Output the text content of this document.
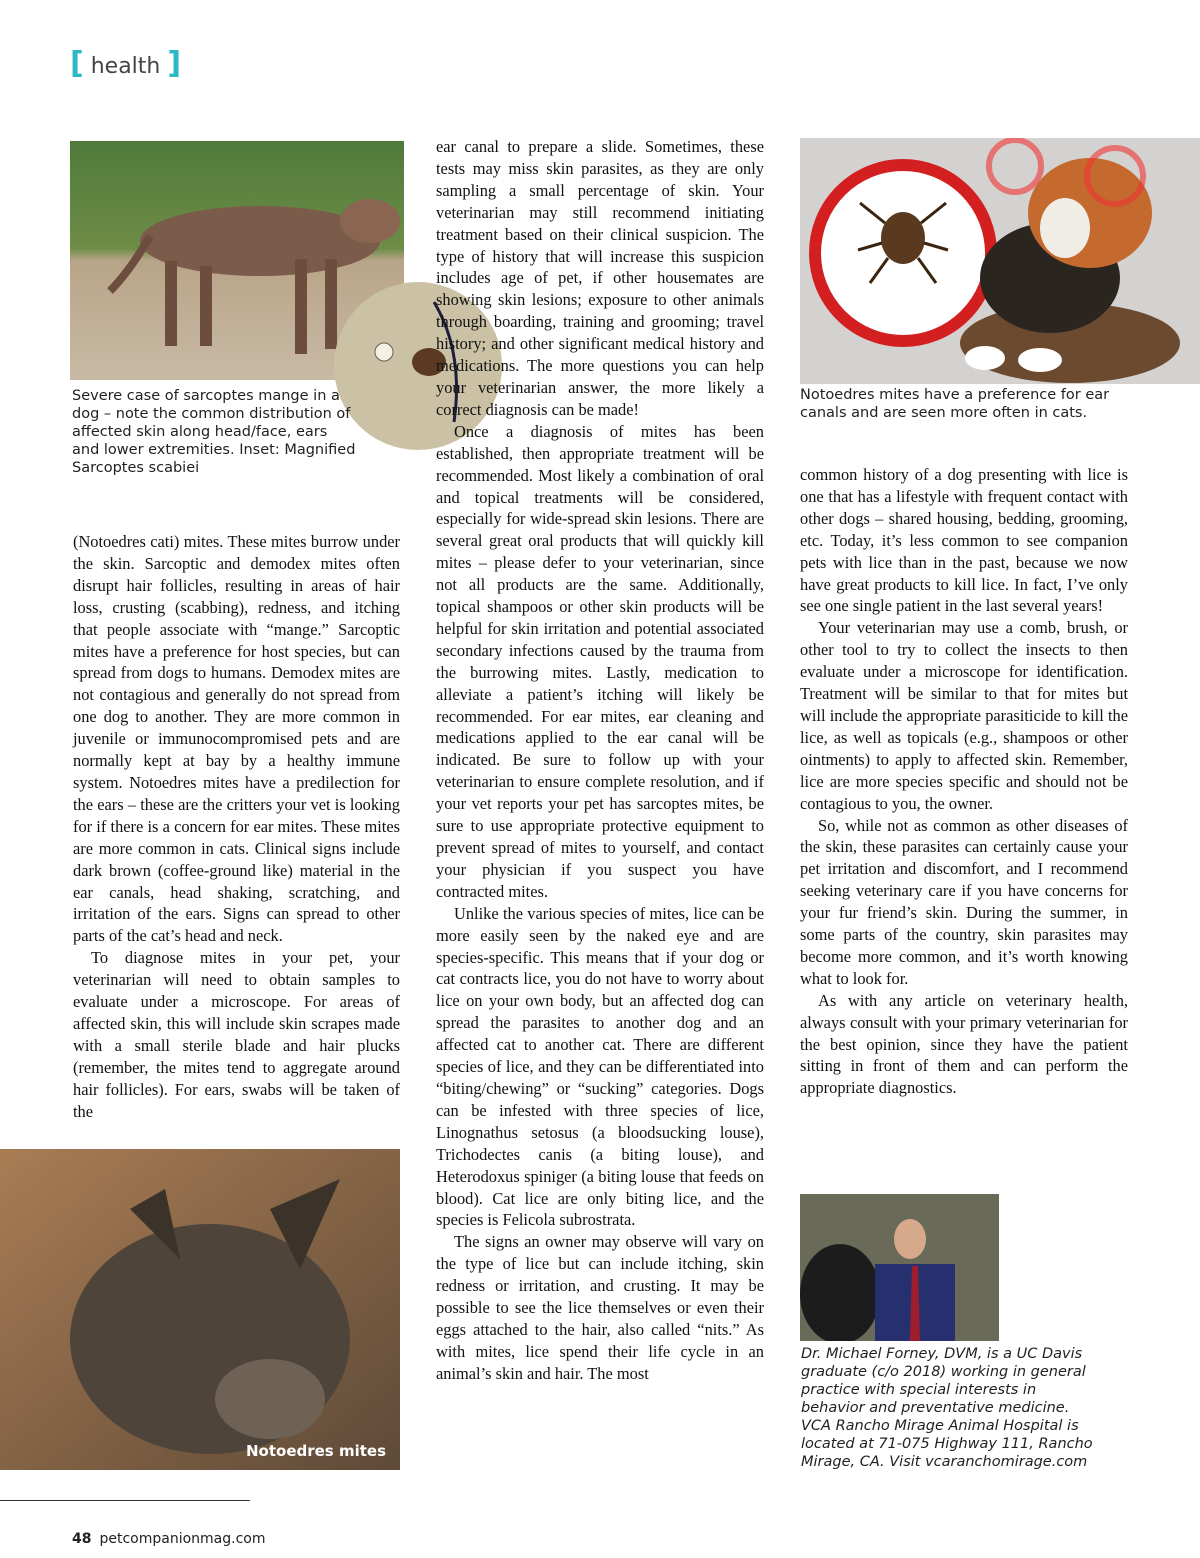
[ health ]
Severe case of sarcoptes mange in a dog – note the common distribution of affected skin along head/face, ears and lower extremities. Inset: Magnified Sarcoptes scabiei
Notoedres mites have a preference for ear canals and are seen more often in cats.

(Notoedres cati) mites. These mites burrow under the skin. Sarcoptic and demodex mites often disrupt hair follicles, resulting in areas of hair loss, crusting (scabbing), redness, and itching that people associate with “mange.” Sarcoptic mites have a preference for host species, but can spread from dogs to humans. Demodex mites are not contagious and generally do not spread from one dog to another. They are more common in juvenile or immunocompromised pets and are normally kept at bay by a healthy immune system. Notoedres mites have a predilection for the ears – these are the critters your vet is looking for if there is a concern for ear mites. These mites are more common in cats. Clinical signs include dark brown (coffee-ground like) material in the ear canals, head shaking, scratching, and irritation of the ears. Signs can spread to other parts of the cat’s head and neck.

To diagnose mites in your pet, your veterinarian will need to obtain samples to evaluate under a microscope. For areas of affected skin, this will include skin scrapes made with a small sterile blade and hair plucks (remember, the mites tend to aggregate around hair follicles). For ears, swabs will be taken of the

ear canal to prepare a slide. Sometimes, these tests may miss skin parasites, as they are only sampling a small percentage of skin. Your veterinarian may still recommend initiating treatment based on their clinical suspicion. The type of history that will increase this suspicion includes age of pet, if other housemates are showing skin lesions; exposure to other animals through boarding, training and grooming; travel history; and other significant medical history and medications. The more questions you can help your veterinarian answer, the more likely a correct diagnosis can be made!

Once a diagnosis of mites has been established, then appropriate treatment will be recommended. Most likely a combination of oral and topical treatments will be considered, especially for wide-spread skin lesions. There are several great oral products that will quickly kill mites – please defer to your veterinarian, since not all products are the same. Additionally, topical shampoos or other skin products will be helpful for skin irritation and potential associated secondary infections caused by the trauma from the burrowing mites. Lastly, medication to alleviate a patient’s itching will likely be recommended. For ear mites, ear cleaning and medications applied to the ear canal will be indicated. Be sure to follow up with your veterinarian to ensure complete resolution, and if your vet reports your pet has sarcoptes mites, be sure to use appropriate protective equipment to prevent spread of mites to yourself, and contact your physician if you suspect you have contracted mites.

Unlike the various species of mites, lice can be more easily seen by the naked eye and are species-specific. This means that if your dog or cat contracts lice, you do not have to worry about lice on your own body, but an affected dog can spread the parasites to another dog and an affected cat to another cat. There are different species of lice, and they can be differentiated into “biting/chewing” or “sucking” categories. Dogs can be infested with three species of lice, Linognathus setosus (a bloodsucking louse), Trichodectes canis (a biting louse), and Heterodoxus spiniger (a biting louse that feeds on blood). Cat lice are only biting lice, and the species is Felicola subrostrata.

The signs an owner may observe will vary on the type of lice but can include itching, skin redness or irritation, and crusting. It may be possible to see the lice themselves or even their eggs attached to the hair, also called “nits.” As with mites, lice spend their life cycle in an animal’s skin and hair. The most

common history of a dog presenting with lice is one that has a lifestyle with frequent contact with other dogs – shared housing, bedding, grooming, etc. Today, it’s less common to see companion pets with lice than in the past, because we now have great products to kill lice. In fact, I’ve only see one single patient in the last several years!

Your veterinarian may use a comb, brush, or other tool to try to collect the insects to then evaluate under a microscope for identification. Treatment will be similar to that for mites but will include the appropriate parasiticide to kill the lice, as well as topicals (e.g., shampoos or other ointments) to apply to affected skin. Remember, lice are more species specific and should not be contagious to you, the owner.

So, while not as common as other diseases of the skin, these parasites can certainly cause your pet irritation and discomfort, and I recommend seeking veterinary care if you have concerns for your fur friend’s skin. During the summer, in some parts of the country, skin parasites may become more common, and it’s worth knowing what to look for.

As with any article on veterinary health, always consult with your primary veterinarian for the best opinion, since they have the patient sitting in front of them and can perform the appropriate diagnostics.

Notoedres mites
Dr. Michael Forney, DVM, is a UC Davis graduate (c/o 2018) working in general practice with special interests in behavior and preventative medicine.
VCA Rancho Mirage Animal Hospital is located at 71-075 Highway 111, Rancho Mirage, CA. Visit vcaranchomirage.com
48 petcompanionmag.com
